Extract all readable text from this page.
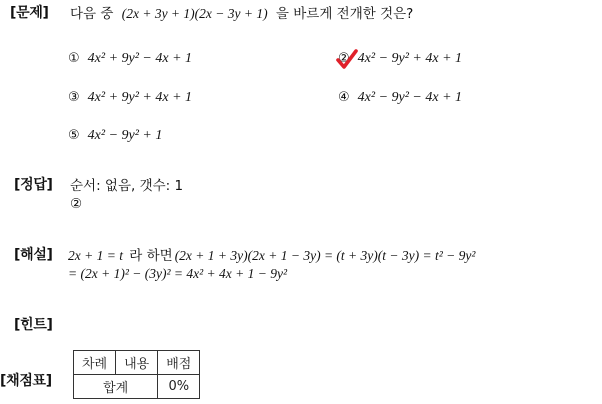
[문제]
[정답]
[해설]
[힌트]
[채점표]
다음 중 (2x + 3y + 1)(2x − 3y + 1) 을 바르게 전개한 것은?
① 4x² + 9y² − 4x + 1	② 4x² − 9y² + 4x + 1
③ 4x² + 9y² + 4x + 1	④ 4x² − 9y² − 4x + 1
⑤ 4x² − 9y² + 1
순서: 없음, 갯수: 1
②
2x + 1 = t 라 하면 (2x + 1 + 3y)(2x + 1 − 3y) = (t + 3y)(t − 3y) = t² − 9y²
= (2x + 1)² − (3y)² = 4x² + 4x + 1 − 9y²
차례	내용	배점
합계		0%
